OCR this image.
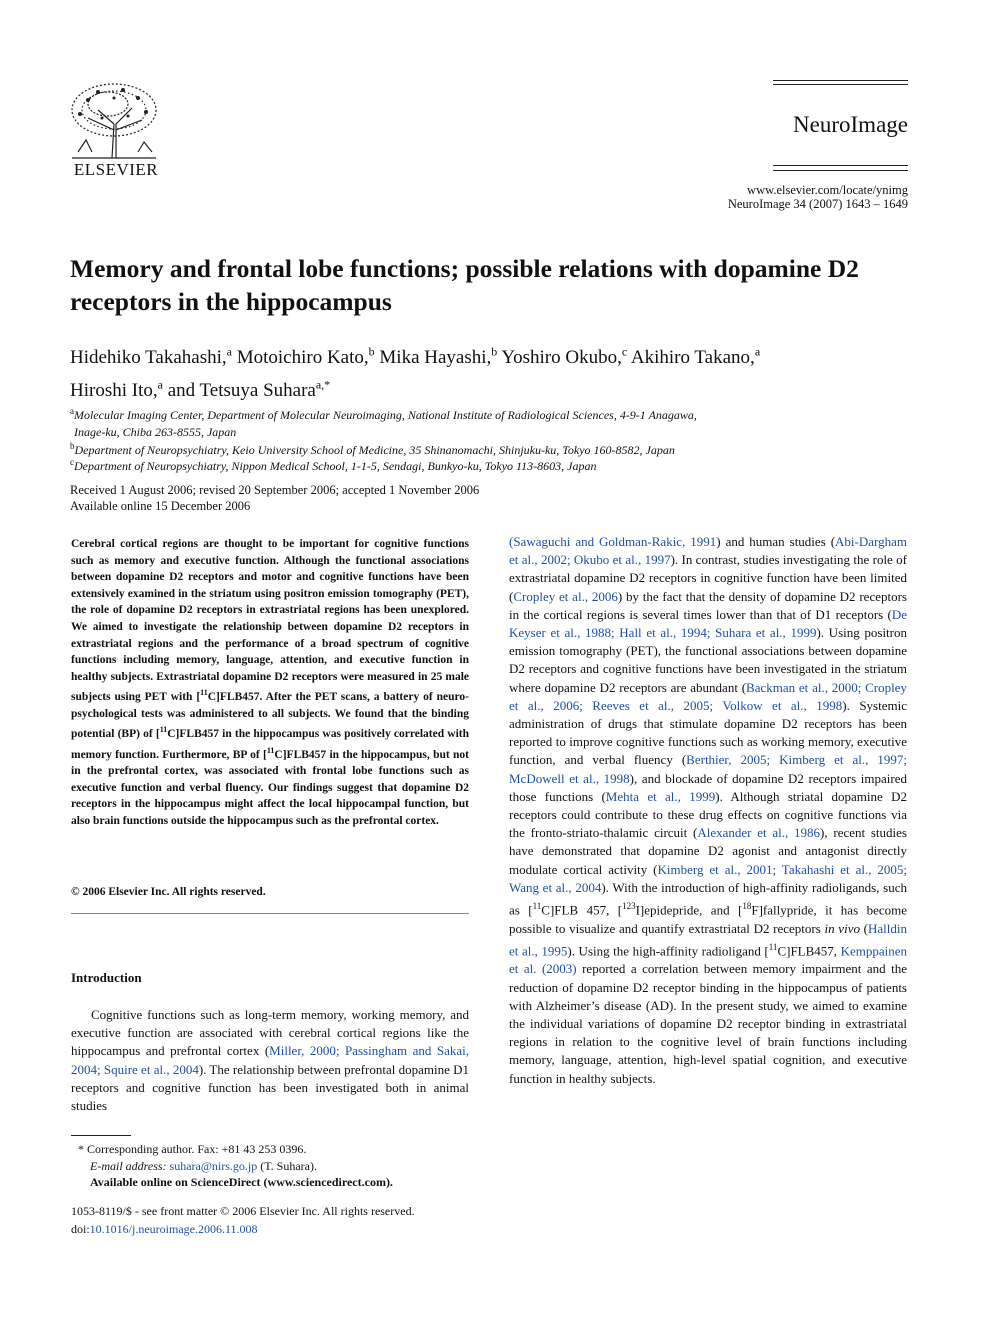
ELSEVIER
NeuroImage
www.elsevier.com/locate/ynimg
NeuroImage 34 (2007) 1643 – 1649
Memory and frontal lobe functions; possible relations with dopamine D2 receptors in the hippocampus
Hidehiko Takahashi,$^a$ Motoichiro Kato,$^b$ Mika Hayashi,$^b$ Yoshiro Okubo,$^c$ Akihiro Takano,$^a$
Hiroshi Ito,$^a$ and Tetsuya Suhara$^{a,*}$
$^a$Molecular Imaging Center, Department of Molecular Neuroimaging, National Institute of Radiological Sciences, 4-9-1 Anagawa,
Inage-ku, Chiba 263-8555, Japan
$^b$Department of Neuropsychiatry, Keio University School of Medicine, 35 Shinanomachi, Shinjuku-ku, Tokyo 160-8582, Japan
$^c$Department of Neuropsychiatry, Nippon Medical School, 1-1-5, Sendagi, Bunkyo-ku, Tokyo 113-8603, Japan
Received 1 August 2006; revised 20 September 2006; accepted 1 November 2006
Available online 15 December 2006
Cerebral cortical regions are thought to be important for cognitive functions such as memory and executive function. Although the functional associations between dopamine D2 receptors and motor and cognitive functions have been extensively examined in the striatum using positron emission tomography (PET), the role of dopamine D2 receptors in extrastriatal regions has been unexplored. We aimed to investigate the relationship between dopamine D2 receptors in extrastriatal regions and the performance of a broad spectrum of cognitive functions including memory, language, attention, and executive function in healthy subjects. Extrastriatal dopamine D2 receptors were measured in 25 male subjects using PET with [$^{11}$C]FLB457. After the PET scans, a battery of neuro-psychological tests was administered to all subjects. We found that the binding potential (BP) of [$^{11}$C]FLB457 in the hippocampus was positively correlated with memory function. Furthermore, BP of [$^{11}$C]FLB457 in the hippocampus, but not in the prefrontal cortex, was associated with frontal lobe functions such as executive function and verbal fluency. Our findings suggest that dopamine D2 receptors in the hippocampus might affect the local hippocampal function, but also brain functions outside the hippocampus such as the prefrontal cortex.
© 2006 Elsevier Inc. All rights reserved.
Introduction
Cognitive functions such as long-term memory, working memory, and executive function are associated with cerebral cortical regions like the hippocampus and prefrontal cortex (Miller, 2000; Passingham and Sakai, 2004; Squire et al., 2004). The relationship between prefrontal dopamine D1 receptors and cognitive function has been investigated both in animal studies
(Sawaguchi and Goldman-Rakic, 1991) and human studies (Abi-Dargham et al., 2002; Okubo et al., 1997). In contrast, studies investigating the role of extrastriatal dopamine D2 receptors in cognitive function have been limited (Cropley et al., 2006) by the fact that the density of dopamine D2 receptors in the cortical regions is several times lower than that of D1 receptors (De Keyser et al., 1988; Hall et al., 1994; Suhara et al., 1999). Using positron emission tomography (PET), the functional associations between dopamine D2 receptors and cognitive functions have been investigated in the striatum where dopamine D2 receptors are abundant (Backman et al., 2000; Cropley et al., 2006; Reeves et al., 2005; Volkow et al., 1998). Systemic administration of drugs that stimulate dopamine D2 receptors has been reported to improve cognitive functions such as working memory, executive function, and verbal fluency (Berthier, 2005; Kimberg et al., 1997; McDowell et al., 1998), and blockade of dopamine D2 receptors impaired those functions (Mehta et al., 1999). Although striatal dopamine D2 receptors could contribute to these drug effects on cognitive functions via the fronto-striato-thalamic circuit (Alexander et al., 1986), recent studies have demonstrated that dopamine D2 agonist and antagonist directly modulate cortical activity (Kimberg et al., 2001; Takahashi et al., 2005; Wang et al., 2004). With the introduction of high-affinity radioligands, such as [$^{11}$C]FLB 457, [$^{123}$I]epidepride, and [$^{18}$F]fallypride, it has become possible to visualize and quantify extrastriatal D2 receptors in vivo (Halldin et al., 1995). Using the high-affinity radioligand [$^{11}$C]FLB457, Kemppainen et al. (2003) reported a correlation between memory impairment and the reduction of dopamine D2 receptor binding in the hippocampus of patients with Alzheimer’s disease (AD). In the present study, we aimed to examine the individual variations of dopamine D2 receptor binding in extrastriatal regions in relation to the cognitive level of brain functions including memory, language, attention, high-level spatial cognition, and executive function in healthy subjects.
* Corresponding author. Fax: +81 43 253 0396.
E-mail address: suhara@nirs.go.jp (T. Suhara).
Available online on ScienceDirect (www.sciencedirect.com).
1053-8119/$ - see front matter © 2006 Elsevier Inc. All rights reserved.
doi:10.1016/j.neuroimage.2006.11.008
